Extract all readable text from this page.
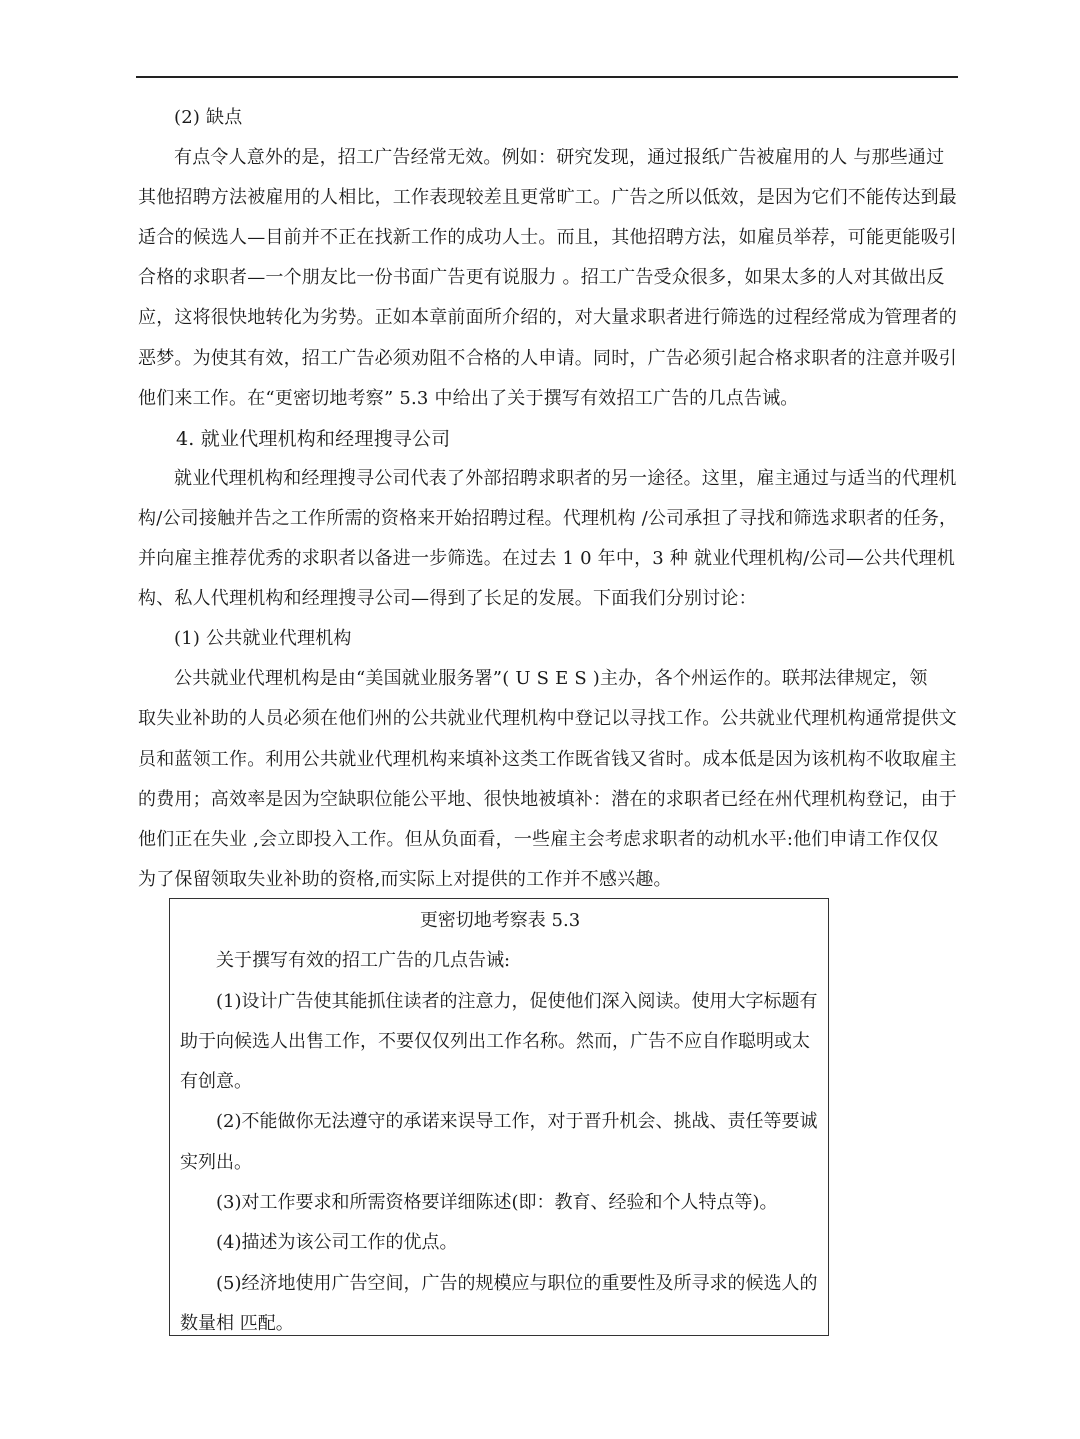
(2) 缺点
有点令人意外的是，招工广告经常无效。例如：研究发现，通过报纸广告被雇用的人 与那些通过
其他招聘方法被雇用的人相比，工作表现较差且更常旷工。广告之所以低效，是因为它们不能传达到最
适合的候选人—目前并不正在找新工作的成功人士。而且，其他招聘方法，如雇员举荐，可能更能吸引
合格的求职者—一个朋友比一份书面广告更有说服力 。招工广告受众很多，如果太多的人对其做出反
应，这将很快地转化为劣势。正如本章前面所介绍的，对大量求职者进行筛选的过程经常成为管理者的
恶梦。为使其有效，招工广告必须劝阻不合格的人申请。同时，广告必须引起合格求职者的注意并吸引
他们来工作。在“更密切地考察” 5.3 中给出了关于撰写有效招工广告的几点告诫。
4. 就业代理机构和经理搜寻公司
就业代理机构和经理搜寻公司代表了外部招聘求职者的另一途径。这里，雇主通过与适当的代理机
构/公司接触并告之工作所需的资格来开始招聘过程。代理机构 /公司承担了寻找和筛选求职者的任务，
并向雇主推荐优秀的求职者以备进一步筛选。在过去 1 0 年中，3 种 就业代理机构/公司—公共代理机
构、私人代理机构和经理搜寻公司—得到了长足的发展。下面我们分别讨论：
(1) 公共就业代理机构
公共就业代理机构是由“美国就业服务署”( U S E S )主办，各个州运作的。联邦法律规定，领
取失业补助的人员必须在他们州的公共就业代理机构中登记以寻找工作。公共就业代理机构通常提供文
员和蓝领工作。利用公共就业代理机构来填补这类工作既省钱又省时。成本低是因为该机构不收取雇主
的费用；高效率是因为空缺职位能公平地、很快地被填补：潜在的求职者已经在州代理机构登记，由于
他们正在失业 ,会立即投入工作。但从负面看，一些雇主会考虑求职者的动机水平:他们申请工作仅仅
为了保留领取失业补助的资格,而实际上对提供的工作并不感兴趣。
更密切地考察表 5.3
关于撰写有效的招工广告的几点告诫:
(1)设计广告使其能抓住读者的注意力，促使他们深入阅读。使用大字标题有
助于向候选人出售工作，不要仅仅列出工作名称。然而，广告不应自作聪明或太
有创意。
(2)不能做你无法遵守的承诺来误导工作，对于晋升机会、挑战、责任等要诚
实列出。
(3)对工作要求和所需资格要详细陈述(即：教育、经验和个人特点等)。
(4)描述为该公司工作的优点。
(5)经济地使用广告空间，广告的规模应与职位的重要性及所寻求的候选人的
数量相 匹配。
